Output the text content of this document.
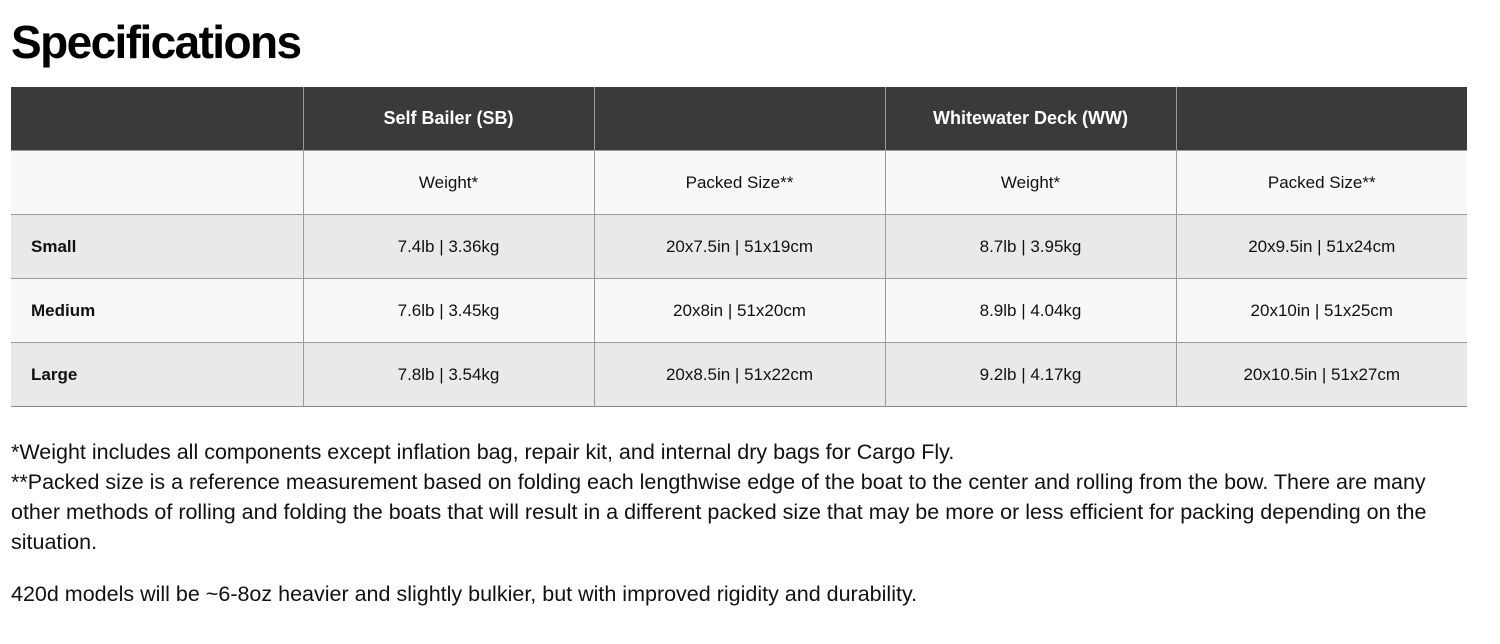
Specifications
	Self Bailer (SB)		Whitewater Deck (WW)	
	Weight*	Packed Size**	Weight*	Packed Size**
Small	7.4lb | 3.36kg	20x7.5in | 51x19cm	8.7lb | 3.95kg	20x9.5in | 51x24cm
Medium	7.6lb | 3.45kg	20x8in | 51x20cm	8.9lb | 4.04kg	20x10in | 51x25cm
Large	7.8lb | 3.54kg	20x8.5in | 51x22cm	9.2lb | 4.17kg	20x10.5in | 51x27cm

*Weight includes all components except inflation bag, repair kit, and internal dry bags for Cargo Fly.

**Packed size is a reference measurement based on folding each lengthwise edge of the boat to the center and rolling from the bow. There are many other methods of rolling and folding the boats that will result in a different packed size that may be more or less efficient for packing depending on the situation.

420d models will be ~6-8oz heavier and slightly bulkier, but with improved rigidity and durability.
